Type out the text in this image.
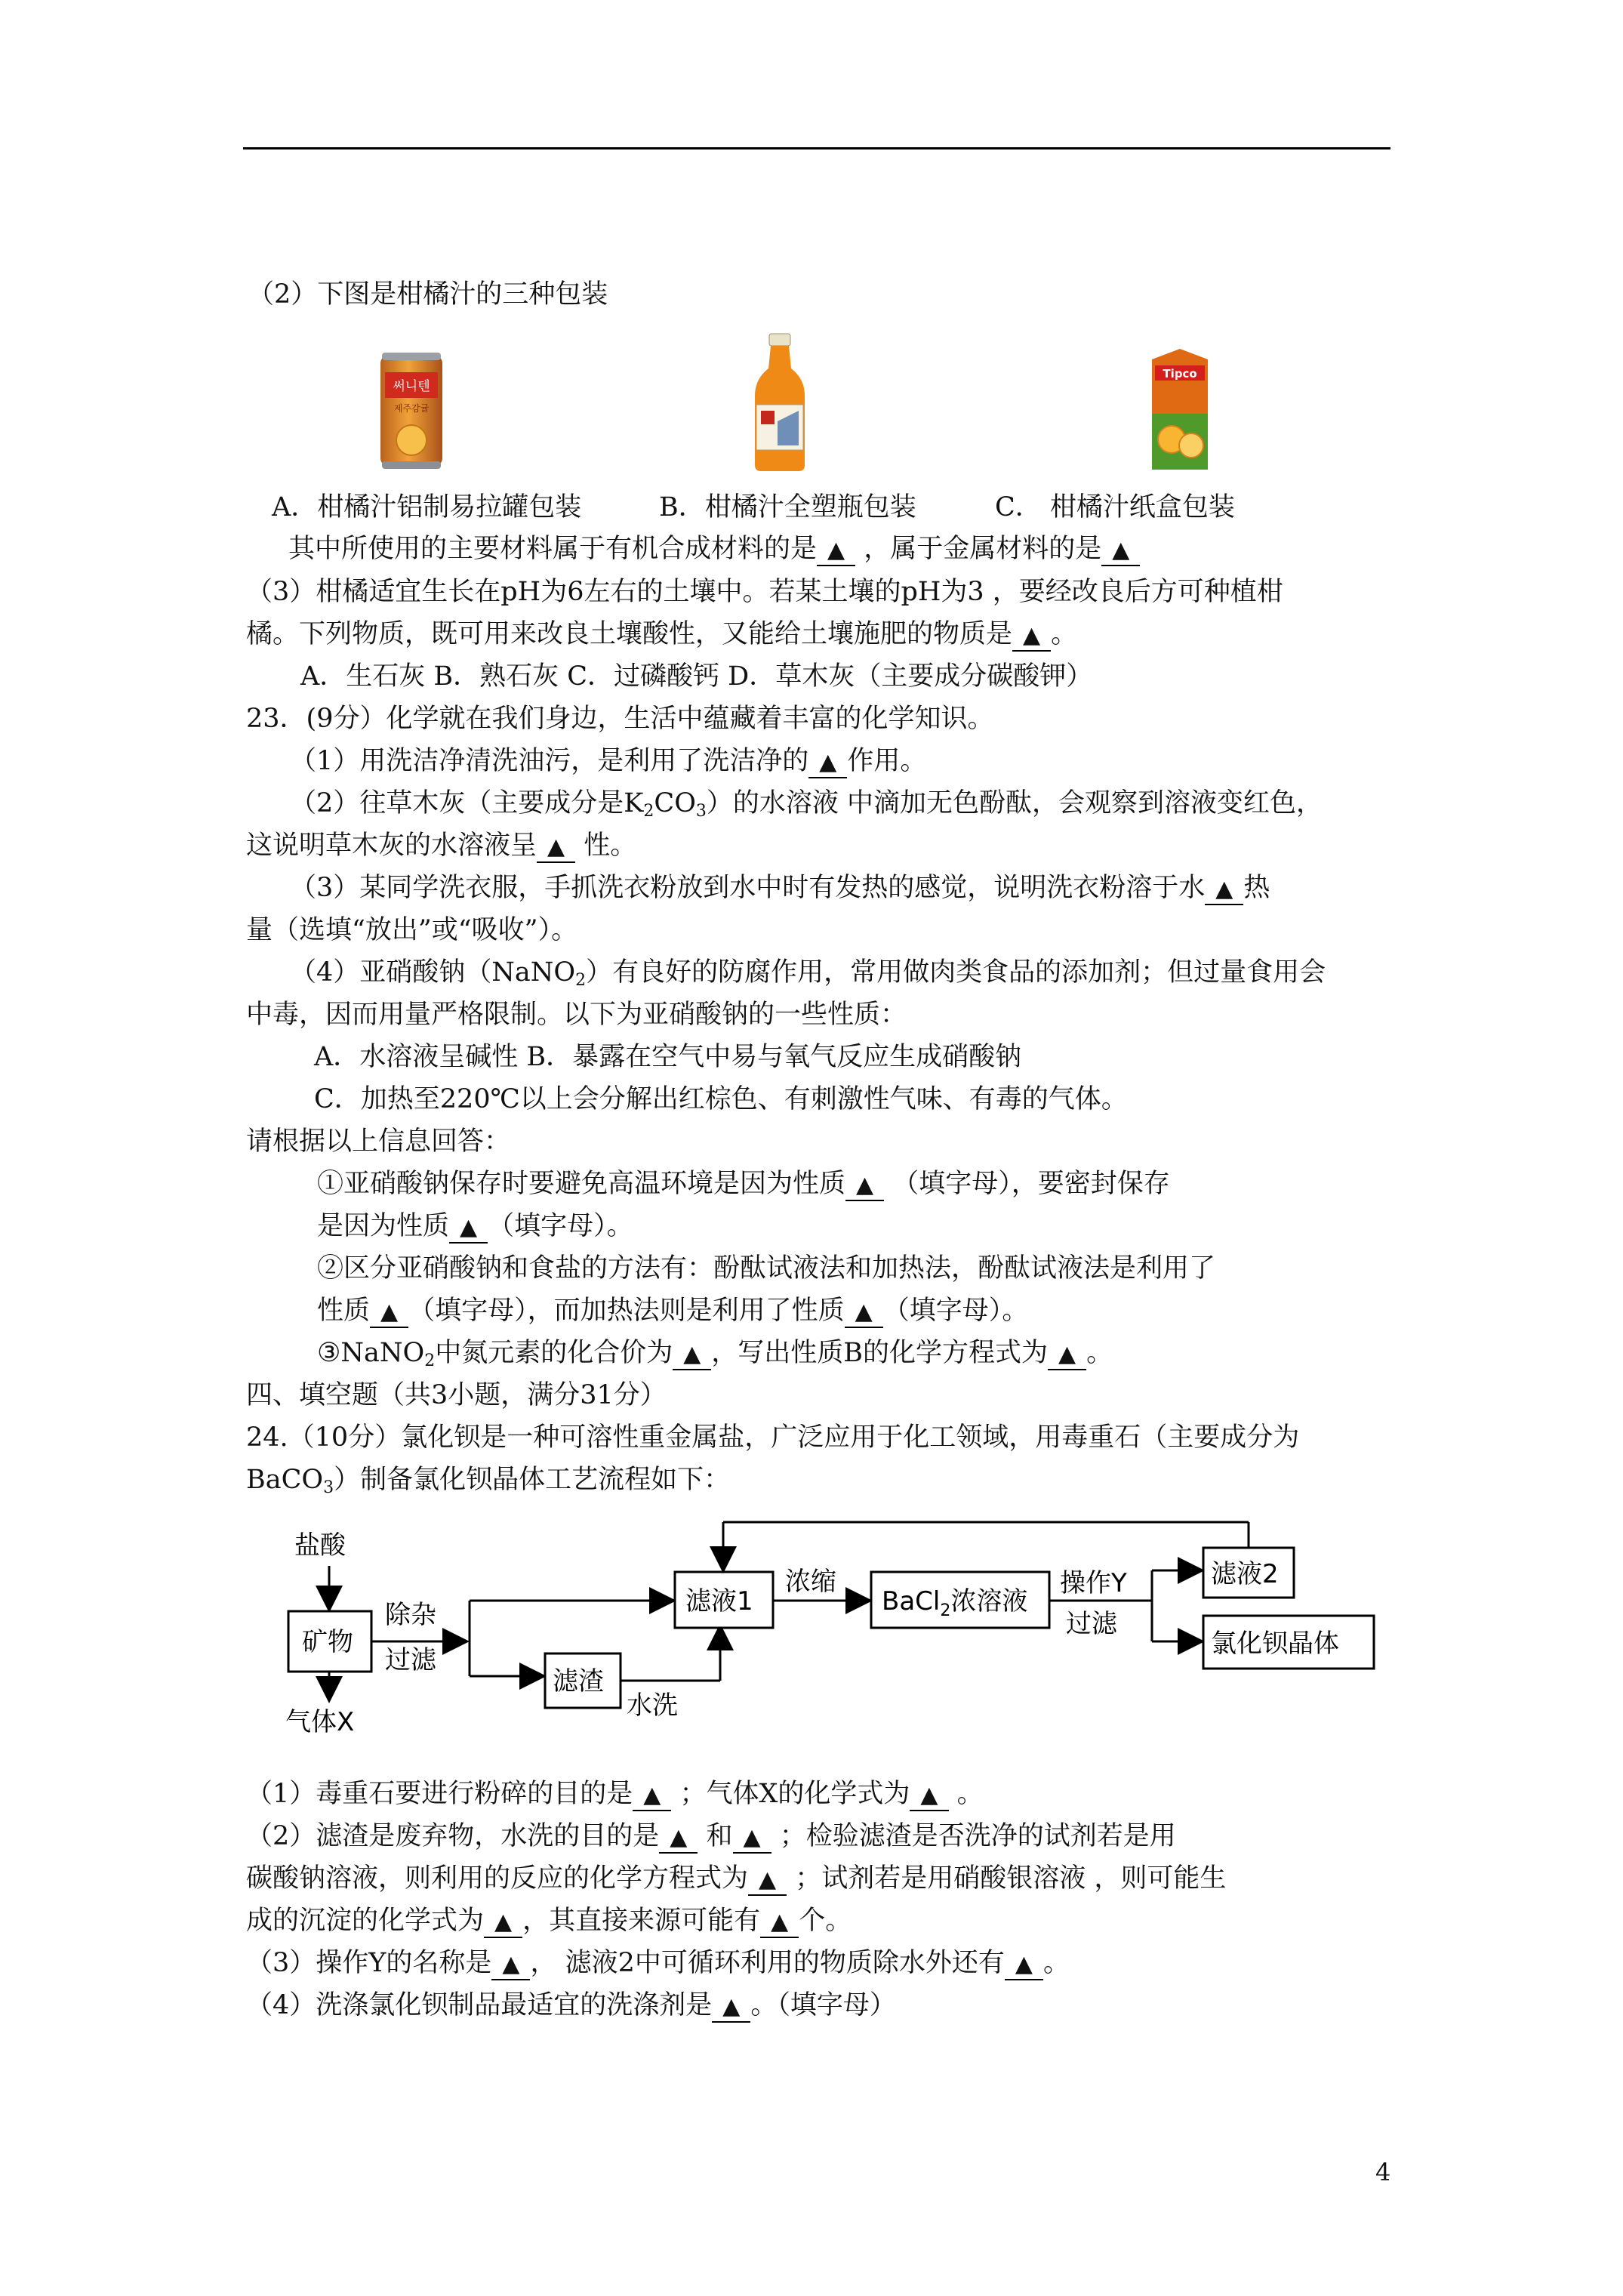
（2）下图是柑橘汁的三种包装
써니텐
제주감귤
Tipco
A．柑橘汁铝制易拉罐包装	B．柑橘汁全塑瓶包装	C． 柑橘汁纸盒包装
其中所使用的主要材料属于有机合成材料的是 ▲ ，属于金属材料的是 ▲
（3）柑橘适宜生长在pH为6左右的土壤中。若某土壤的pH为3 ，要经改良后方可种植柑
橘。下列物质，既可用来改良土壤酸性，又能给土壤施肥的物质是 ▲ 。
A．生石灰 B．熟石灰 C．过磷酸钙 D．草木灰（主要成分碳酸钾）
23．(9分）化学就在我们身边，生活中蕴藏着丰富的化学知识。
（1）用洗洁净清洗油污，是利用了洗洁净的 ▲ 作用。
（2）往草木灰（主要成分是$K_2CO_3$）的水溶液 中滴加无色酚酞，会观察到溶液变红色，
这说明草木灰的水溶液呈 ▲ 性。
（3）某同学洗衣服，手抓洗衣粉放到水中时有发热的感觉，说明洗衣粉溶于水 ▲ 热
量（选填“放出”或“吸收”）。
（4）亚硝酸钠（NaNO$_2$）有良好的防腐作用，常用做肉类食品的添加剂；但过量食用会
中毒，因而用量严格限制。以下为亚硝酸钠的一些性质：
A．水溶液呈碱性 B．暴露在空气中易与氧气反应生成硝酸钠
C．加热至220℃以上会分解出红棕色、有刺激性气味、有毒的气体。
请根据以上信息回答：
①亚硝酸钠保存时要避免高温环境是因为性质 ▲ （填字母），要密封保存
是因为性质 ▲ （填字母）。
②区分亚硝酸钠和食盐的方法有：酚酞试液法和加热法，酚酞试液法是利用了
性质 ▲ （填字母），而加热法则是利用了性质 ▲ （填字母）。
③NaNO$_2$中氮元素的化合价为 ▲ ，写出性质B的化学方程式为 ▲ 。
四、填空题（共3小题，满分31分）
24.（10分）氯化钡是一种可溶性重金属盐，广泛应用于化工领域，用毒重石（主要成分为
BaCO$_3$）制备氯化钡晶体工艺流程如下：
盐酸
矿物
气体X
除杂
过滤
滤液1
滤渣
水洗
浓缩
BaCl$_2$浓溶液
操作Y
过滤
滤液2
氯化钡晶体
（1）毒重石要进行粉碎的目的是 ▲ ；气体X的化学式为 ▲ 。
（2）滤渣是废弃物，水洗的目的是 ▲ 和 ▲ ；检验滤渣是否洗净的试剂若是用
碳酸钠溶液，则利用的反应的化学方程式为 ▲ ；试剂若是用硝酸银溶液 ，则可能生
成的沉淀的化学式为 ▲ ，其直接来源可能有 ▲ 个。
（3）操作Y的名称是 ▲ ， 滤液2中可循环利用的物质除水外还有 ▲ 。
（4）洗涤氯化钡制品最适宜的洗涤剂是 ▲ 。（填字母）
4
